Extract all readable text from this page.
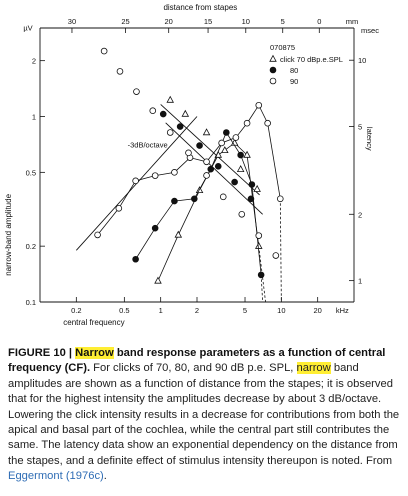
30	25	20	15	10	5	0
distance from stapes
mm
0.2	0.5	1	2	5	10	20
central frequency
kHz
2
1
0.5
0.2
0.1
µV
narrow-band amplitude
10
5
2
1
msec
latency
-3dB/octave
070875
click 70 dBp.e.SPL
80
90
FIGURE 10 | Narrow band response parameters as a function of central frequency (CF). For clicks of 70, 80, and 90 dB p.e. SPL, narrow band amplitudes are shown as a function of distance from the stapes; it is observed that for the highest intensity the amplitudes decrease by about 3 dB/octave. Lowering the click intensity results in a decrease for contributions from both the apical and basal part of the cochlea, while the central part still contributes the same. The latency data show an exponential dependency on the distance from the stapes, and a definite effect of stimulus intensity thereupon is noted. From Eggermont (1976c).
